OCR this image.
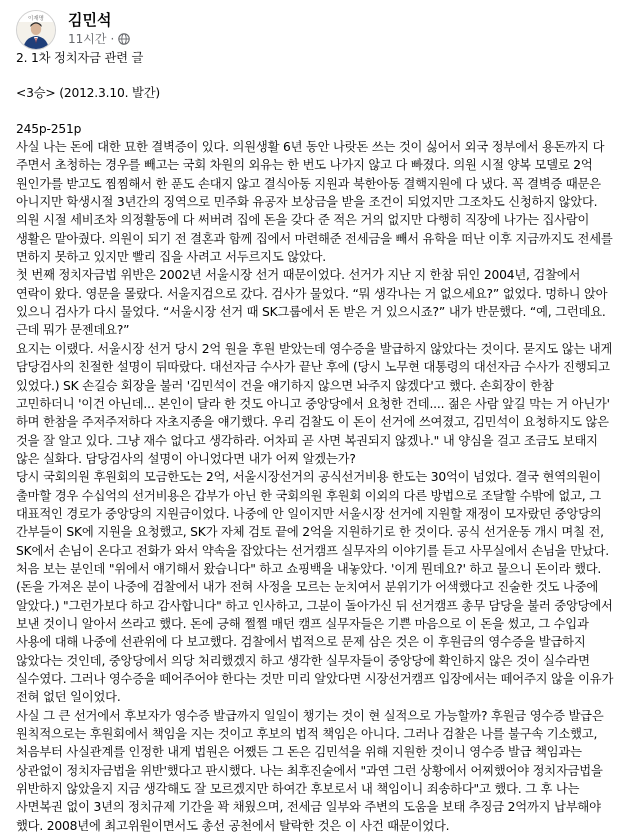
이재명 김민석
11시간 ·

2. 1차 정치자금 관련 글

<3승> (2012.3.10. 발간)

245p-251p

사실 나는 돈에 대한 묘한 결벽증이 있다. 의원생활 6년 동안 나랏돈 쓰는 것이 싫어서 외국 정부에서 용돈까지 다 주면서 초청하는 경우를 빼고는 국회 차원의 외유는 한 번도 나가지 않고 다 빠졌다. 의원 시절 양복 모델로 2억 원인가를 받고도 찜찜해서 한 푼도 손대지 않고 결식아동 지원과 북한아동 결핵지원에 다 냈다. 꼭 결벽증 때문은 아니지만 학생시절 3년간의 징역으로 민주화 유공자 보상금을 받을 조건이 되었지만 그조차도 신청하지 않았다. 의원 시절 세비조차 의정활동에 다 써버려 집에 돈을 갖다 준 적은 거의 없지만 다행히 직장에 나가는 집사람이 생활은 맡아줬다. 의원이 되기 전 결혼과 함께 집에서 마련해준 전세금을 빼서 유학을 떠난 이후 지금까지도 전세를 면하지 못하고 있지만 빨리 집을 사려고 서두르지도 않았다.

첫 번째 정치자금법 위반은 2002년 서울시장 선거 때문이었다. 선거가 지난 지 한참 뒤인 2004년, 검찰에서 연락이 왔다. 영문을 몰랐다. 서울지검으로 갔다. 검사가 물었다. “뭐 생각나는 거 없으세요?” 없었다. 멍하니 앉아 있으니 검사가 다시 물었다. “서울시장 선거 때 SK그룹에서 돈 받은 거 있으시죠?” 내가 반문했다. “예, 그런데요. 근데 뭐가 문젠데요?”

요지는 이랬다. 서울시장 선거 당시 2억 원을 후원 받았는데 영수증을 발급하지 않았다는 것이다. 묻지도 않는 내게 담당검사의 친절한 설명이 뒤따랐다. 대선자금 수사가 끝난 후에 (당시 노무현 대통령의 대선자금 수사가 진행되고 있었다.) SK 손길승 회장을 불러 '김민석이 건을 얘기하지 않으면 놔주지 않겠다'고 했다. 손회장이 한참 고민하더니 '이건 아닌데... 본인이 달라 한 것도 아니고 중앙당에서 요청한 건데.... 젊은 사람 앞길 막는 거 아닌가' 하며 한참을 주저주저하다 자초지종을 얘기했다. 우리 검찰도 이 돈이 선거에 쓰여졌고, 김민석이 요청하지도 않은 것을 잘 알고 있다. 그냥 재수 없다고 생각하라. 어차피 곧 사면 복권되지 않겠나." 내 양심을 걸고 조금도 보태지 않은 실화다. 담당검사의 설명이 아니었다면 내가 어찌 알겠는가?

당시 국회의원 후원회의 모금한도는 2억, 서울시장선거의 공식선거비용 한도는 30억이 넘었다. 결국 현역의원이 출마할 경우 수십억의 선거비용은 갑부가 아닌 한 국회의원 후원회 이외의 다른 방법으로 조달할 수밖에 없고, 그 대표적인 경로가 중앙당의 지원금이었다. 나중에 안 일이지만 서울시장 선거에 지원할 재정이 모자랐던 중앙당의 간부들이 SK에 지원을 요청했고, SK가 자체 검토 끝에 2억을 지원하기로 한 것이다. 공식 선거운동 개시 며칠 전, SK에서 손님이 온다고 전화가 와서 약속을 잡았다는 선거캠프 실무자의 이야기를 듣고 사무실에서 손님을 만났다. 처음 보는 분인데 "위에서 얘기해서 왔습니다" 하고 쇼핑백을 내놓았다. '이게 뭔데요?' 하고 물으니 돈이라 했다. (돈을 가져온 분이 나중에 검찰에서 내가 전혀 사정을 모르는 눈치여서 분위기가 어색했다고 진술한 것도 나중에 알았다.) "그런가보다 하고 감사합니다" 하고 인사하고, 그분이 돌아가신 뒤 선거캠프 총무 담당을 불러 중앙당에서 보낸 것이니 알아서 쓰라고 했다. 돈에 긍해 쩔쩔 매던 캠프 실무자들은 기쁜 마음으로 이 돈을 썼고, 그 수입과 사용에 대해 나중에 선관위에 다 보고했다. 검찰에서 법적으로 문제 삼은 것은 이 후원금의 영수증을 발급하지 않았다는 것인데, 중앙당에서 의당 처리했겠지 하고 생각한 실무자들이 중앙당에 확인하지 않은 것이 실수라면 실수였다. 그러나 영수증을 떼어주어야 한다는 것만 미리 알았다면 시장선거캠프 입장에서는 떼어주지 않을 이유가 전혀 없던 일이었다.

사실 그 큰 선거에서 후보자가 영수증 발급까지 일일이 챙기는 것이 현 실적으로 가능할까? 후원금 영수증 발급은 원칙적으로는 후원회에서 책임을 지는 것이고 후보의 법적 책임은 아니다. 그러나 검찰은 나를 불구속 기소했고, 처음부터 사실관계를 인정한 내게 법원은 어쨌든 그 돈은 김민석을 위해 지원한 것이니 영수증 발급 책임과는 상관없이 정치자금법을 위반'했다고 판시했다. 나는 최후진술에서 "과연 그런 상황에서 어찌했어야 정치자금법을 위반하지 않았을지 지금 생각해도 잘 모르겠지만 하여간 후보로서 내 책임이니 죄송하다"고 했다. 그 후 나는 사면복권 없이 3년의 정치규제 기간을 꽉 채웠으며, 전세금 일부와 주변의 도움을 보태 추징금 2억까지 납부해야 했다. 2008년에 최고위원이면서도 총선 공천에서 탈락한 것은 이 사건 때문이었다.
